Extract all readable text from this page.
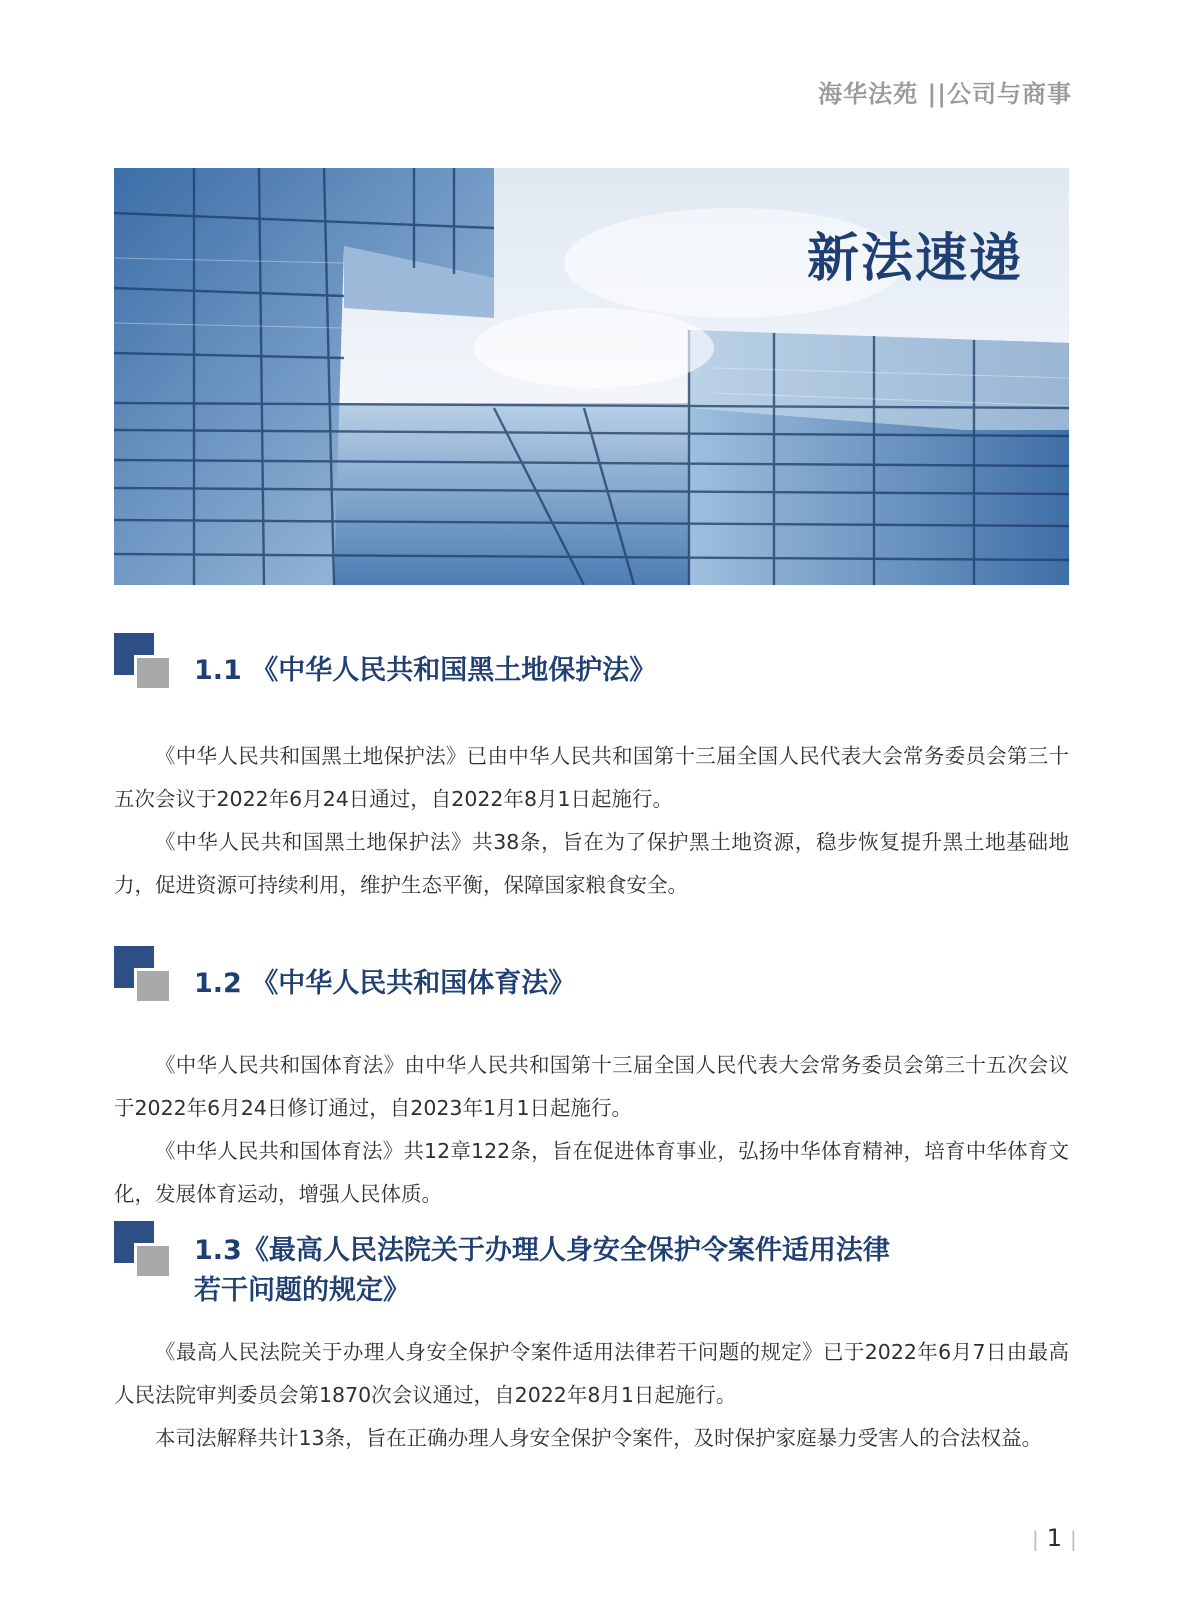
海华法苑 ||公司与商事
新法速递
1.1 《中华人民共和国黑土地保护法》

《中华人民共和国黑土地保护法》已由中华人民共和国第十三届全国人民代表大会常务委员会第三十五次会议于2022年6月24日通过，自2022年8月1日起施行。

《中华人民共和国黑土地保护法》共38条，旨在为了保护黑土地资源，稳步恢复提升黑土地基础地力，促进资源可持续利用，维护生态平衡，保障国家粮食安全。

1.2 《中华人民共和国体育法》

《中华人民共和国体育法》由中华人民共和国第十三届全国人民代表大会常务委员会第三十五次会议于2022年6月24日修订通过，自2023年1月1日起施行。

《中华人民共和国体育法》共12章122条，旨在促进体育事业，弘扬中华体育精神，培育中华体育文化，发展体育运动，增强人民体质。

1.3《最高人民法院关于办理人身安全保护令案件适用法律
若干问题的规定》

《最高人民法院关于办理人身安全保护令案件适用法律若干问题的规定》已于2022年6月7日由最高人民法院审判委员会第1870次会议通过，自2022年8月1日起施行。

本司法解释共计13条，旨在正确办理人身安全保护令案件，及时保护家庭暴力受害人的合法权益。

| 1 |
